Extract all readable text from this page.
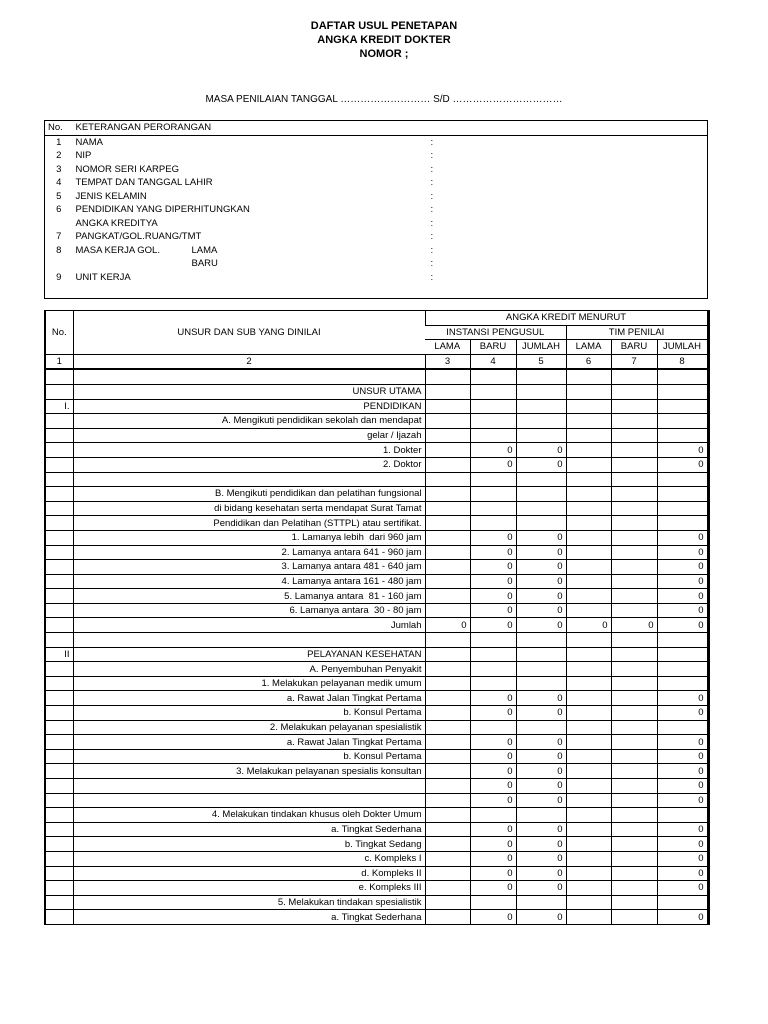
DAFTAR USUL PENETAPAN
ANGKA KREDIT DOKTER
NOMOR ;
MASA PENILAIAN TANGGAL ……………………… S/D ……………………………
No.	KETERANGAN PERORANGAN		
1	NAMA		:
2	NIP		:
3	NOMOR SERI KARPEG		:
4	TEMPAT DAN TANGGAL LAHIR		:
5	JENIS KELAMIN		:
6	PENDIDIKAN YANG DIPERHITUNGKAN		:
	ANGKA KREDITYA		:
7	PANGKAT/GOL.RUANG/TMT		:
8	MASA KERJA GOL.	LAMA	:
		BARU	:
9	UNIT KERJA		:

No.	UNSUR DAN SUB YANG DINILAI	ANGKA KREDIT MENURUT					
		INSTANSI PENGUSUL			TIM PENILAI		
		LAMA	BARU	JUMLAH	LAMA	BARU	JUMLAH
1	2	3	4	5	6	7	8

	UNSUR UTAMA						
I.	PENDIDIKAN						
	A. Mengikuti pendidikan sekolah dan mendapat						
	gelar / Ijazah						
	1. Dokter		0	0			0
	2. Doktor		0	0			0

	B. Mengikuti pendidikan dan pelatihan fungsional						
	di bidang kesehatan serta mendapat Surat Tamat						
	Pendidikan dan Pelatihan (STTPL) atau sertifikat.						
	1. Lamanya lebih  dari 960 jam		0	0			0
	2. Lamanya antara 641 - 960 jam		0	0			0
	3. Lamanya antara 481 - 640 jam		0	0			0
	4. Lamanya antara 161 - 480 jam		0	0			0
	5. Lamanya antara  81 - 160 jam		0	0			0
	6. Lamanya antara  30 - 80 jam		0	0			0
	Jumlah	0	0	0	0	0	0

II	PELAYANAN KESEHATAN						
	A. Penyembuhan Penyakit						
	1. Melakukan pelayanan medik umum						
	a. Rawat Jalan Tingkat Pertama		0	0			0
	b. Konsul Pertama		0	0			0
	2. Melakukan pelayanan spesialistik						
	a. Rawat Jalan Tingkat Pertama		0	0			0
	b. Konsul Pertama		0	0			0
	3. Melakukan pelayanan spesialis konsultan		0	0			0
			0	0			0
			0	0			0
	4. Melakukan tindakan khusus oleh Dokter Umum						
	a. Tingkat Sederhana		0	0			0
	b. Tingkat Sedang		0	0			0
	c. Kompleks I		0	0			0
	d. Kompleks II		0	0			0
	e. Kompleks III		0	0			0
	5. Melakukan tindakan spesialistik						
	a. Tingkat Sederhana		0	0			0
